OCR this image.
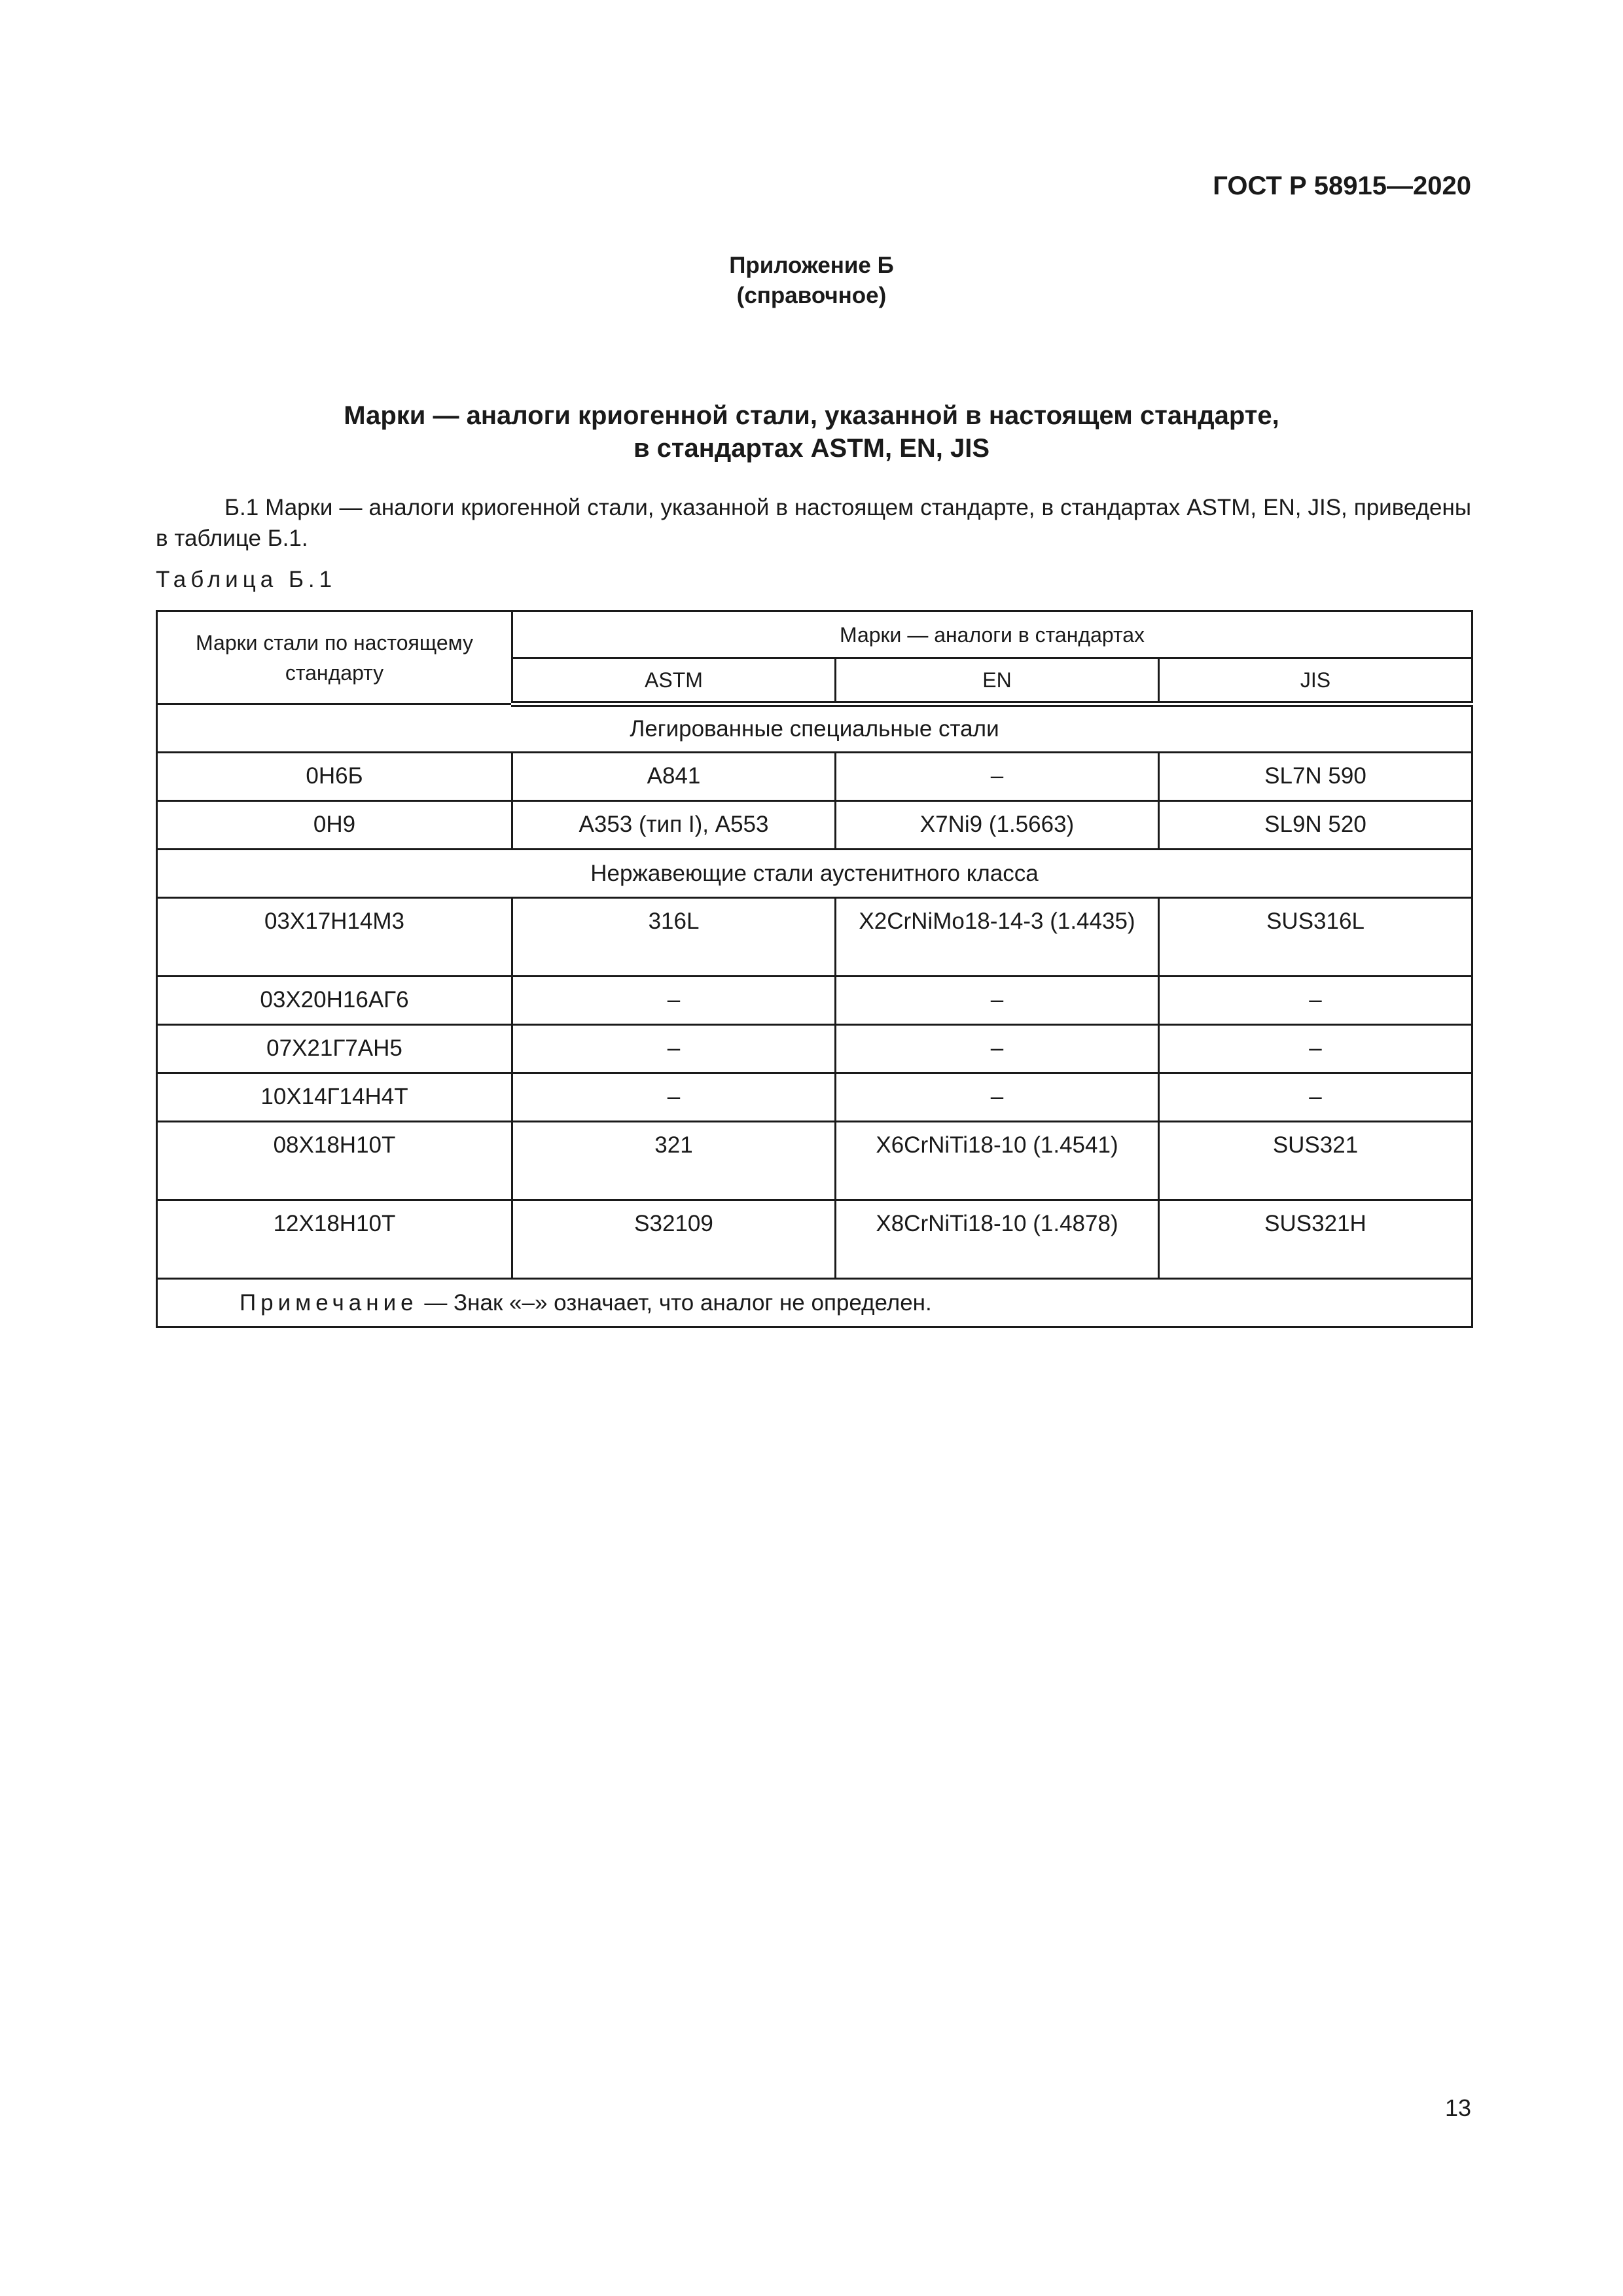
ГОСТ Р 58915—2020
Приложение Б
(справочное)
Марки — аналоги криогенной стали, указанной в настоящем стандарте,
в стандартах ASTM, EN, JIS
Б.1 Марки — аналоги криогенной стали, указанной в настоящем стандарте, в стандартах ASTM, EN, JIS, приведены в таблице Б.1.
Таблица Б.1
Марки стали по настоящему стандарту	Марки — аналоги в стандартах		
	ASTM	EN	JIS
Легированные специальные стали			
0Н6Б	А841	–	SL7N 590
0Н9	А353 (тип I), А553	X7Ni9 (1.5663)	SL9N 520
Нержавеющие стали аустенитного класса			
03Х17Н14М3	316L	X2CrNiMo18-14-3 (1.4435)	SUS316L
03Х20Н16АГ6	–	–	–
07Х21Г7АН5	–	–	–
10Х14Г14Н4Т	–	–	–
08Х18Н10Т	321	X6CrNiTi18-10 (1.4541)	SUS321
12Х18Н10Т	S32109	X8CrNiTi18-10 (1.4878)	SUS321H
Примечание — Знак «–» означает, что аналог не определен.			
13
